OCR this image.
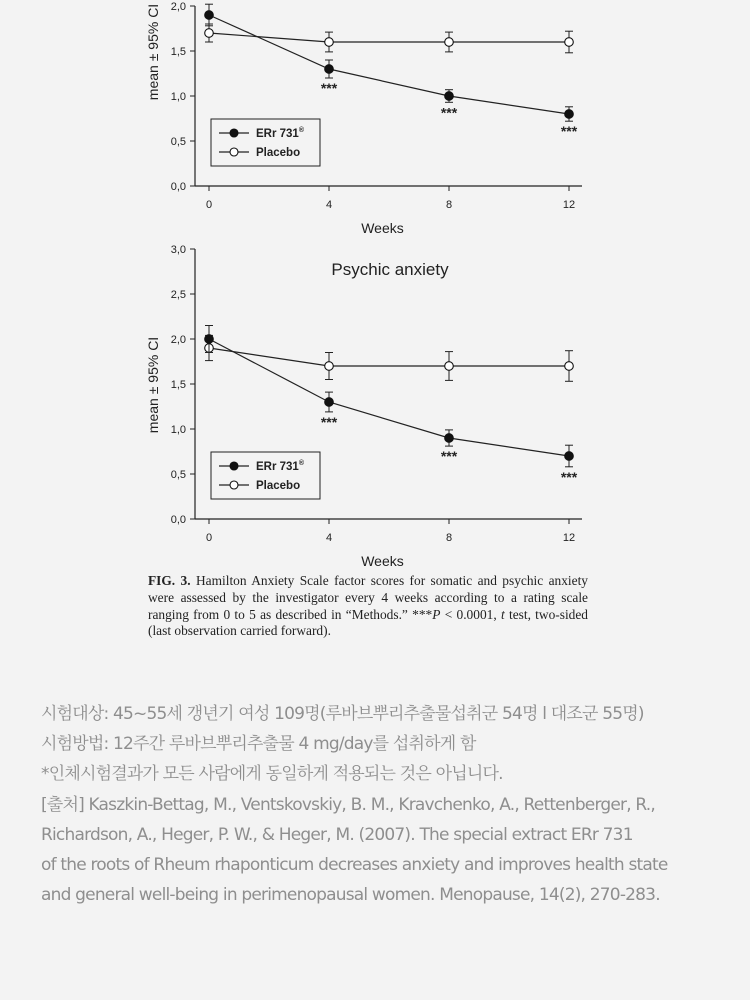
0,0
0,5
1,0
1,5
2,0
0	4	8	12
Weeks
mean ± 95% CI	***
***
***
ERr 731®
Placebo
0,0
0,5
1,0
1,5
2,0
2,5
3,0
0	4	8	12
Weeks
mean ± 95% CI
Psychic anxiety
***
***
***
ERr 731®
Placebo
FIG. 3. Hamilton Anxiety Scale factor scores for somatic and psychic anxiety were assessed by the investigator every 4 weeks according to a rating scale ranging from 0 to 5 as described in “Methods.” ***P < 0.0001, t test, two-sided (last observation carried forward).
시험대상: 45~55세 갱년기 여성 109명(루바브뿌리추출물섭취군 54명 l 대조군 55명)
시험방법: 12주간 루바브뿌리추출물 4 mg/day를 섭취하게 함
*인체시험결과가 모든 사람에게 동일하게 적용되는 것은 아닙니다.
[출처] Kaszkin-Bettag, M., Ventskovskiy, B. M., Kravchenko, A., Rettenberger, R.,
Richardson, A., Heger, P. W., & Heger, M. (2007). The special extract ERr 731
of the roots of Rheum rhaponticum decreases anxiety and improves health state
and general well-being in perimenopausal women. Menopause, 14(2), 270-283.
